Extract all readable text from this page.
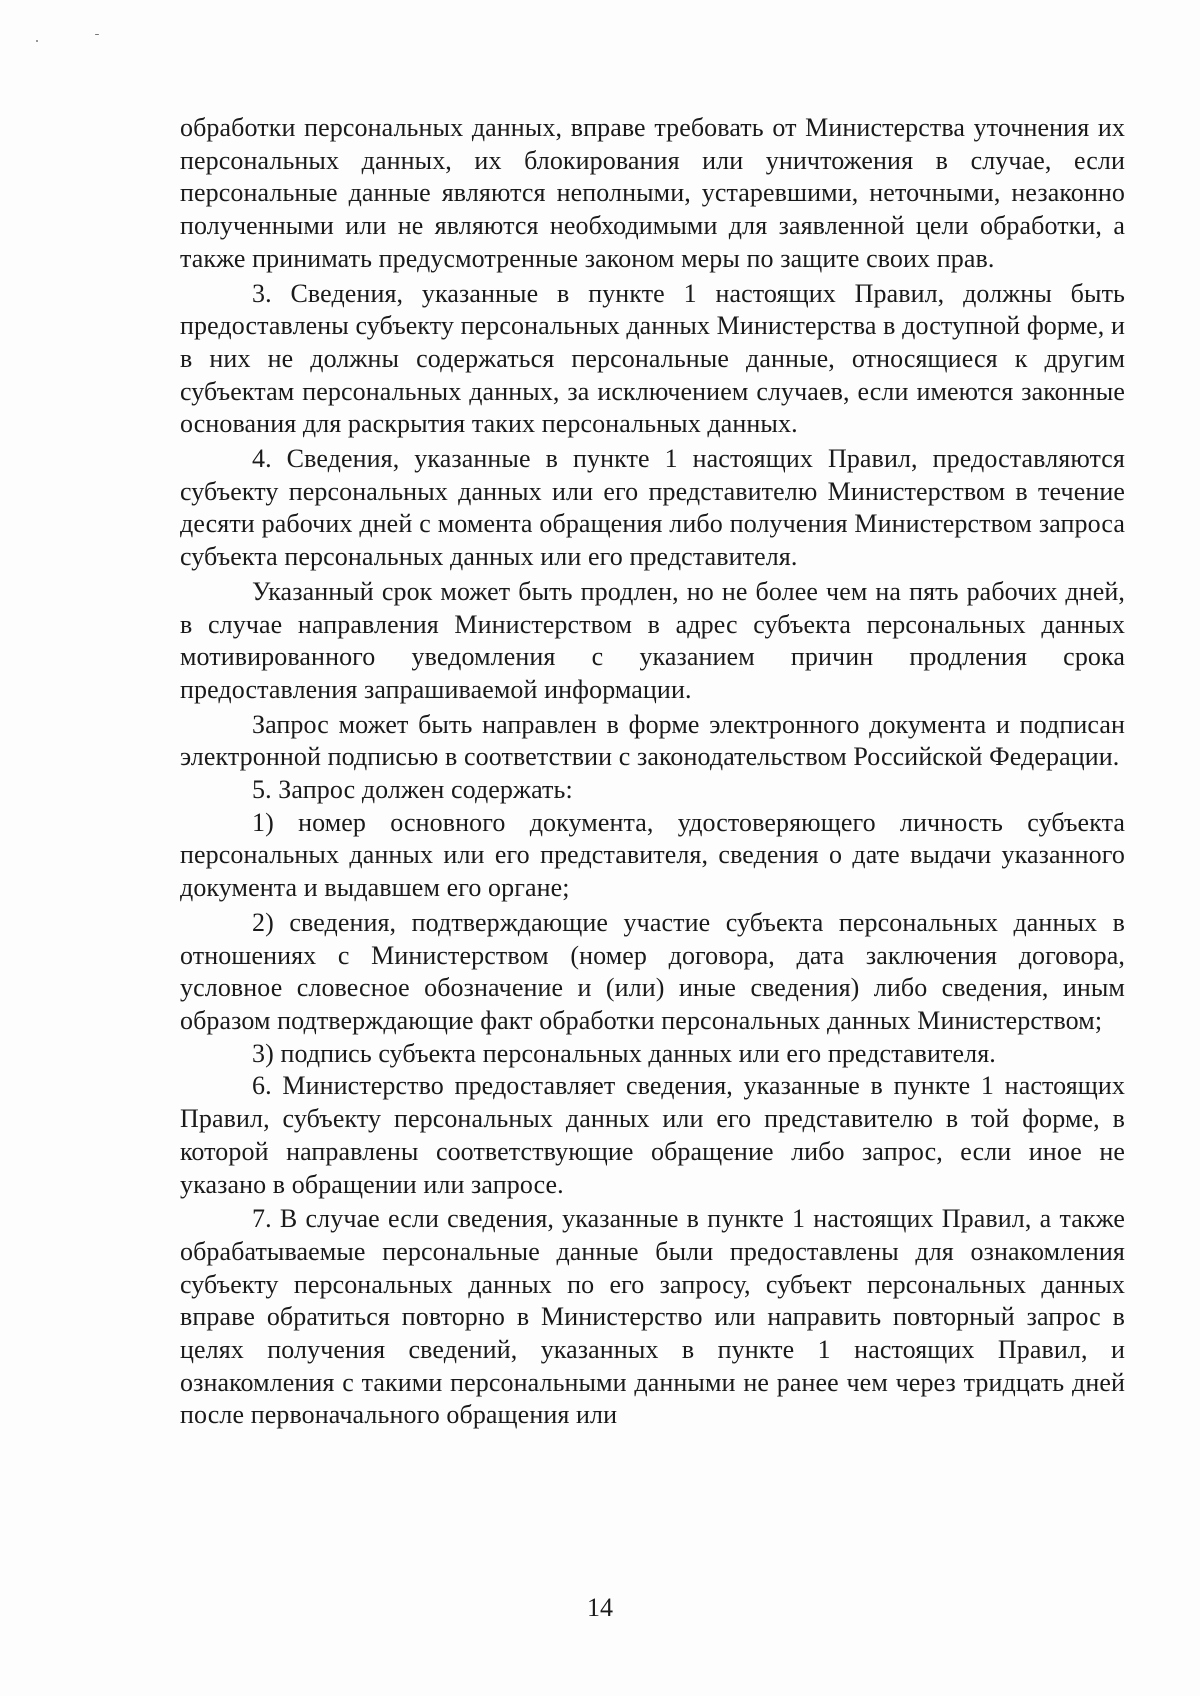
обработки персональных данных, вправе требовать от Министерства уточнения их персональных данных, их блокирования или уничтожения в случае, если персональные данные являются неполными, устаревшими, неточными, незаконно полученными или не являются необходимыми для заявленной цели обработки, а также принимать предусмотренные законом меры по защите своих прав.

3. Сведения, указанные в пункте 1 настоящих Правил, должны быть предоставлены субъекту персональных данных Министерства в доступной форме, и в них не должны содержаться персональные данные, относящиеся к другим субъектам персональных данных, за исключением случаев, если имеются законные основания для раскрытия таких персональных данных.

4. Сведения, указанные в пункте 1 настоящих Правил, предоставляются субъекту персональных данных или его представителю Министерством в течение десяти рабочих дней с момента обращения либо получения Министерством запроса субъекта персональных данных или его представителя.

Указанный срок может быть продлен, но не более чем на пять рабочих дней, в случае направления Министерством в адрес субъекта персональных данных мотивированного уведомления с указанием причин продления срока предоставления запрашиваемой информации.

Запрос может быть направлен в форме электронного документа и подписан электронной подписью в соответствии с законодательством Российской Федерации.

5. Запрос должен содержать:

1) номер основного документа, удостоверяющего личность субъекта персональных данных или его представителя, сведения о дате выдачи указанного документа и выдавшем его органе;

2) сведения, подтверждающие участие субъекта персональных данных в отношениях с Министерством (номер договора, дата заключения договора, условное словесное обозначение и (или) иные сведения) либо сведения, иным образом подтверждающие факт обработки персональных данных Министерством;

3) подпись субъекта персональных данных или его представителя.

6. Министерство предоставляет сведения, указанные в пункте 1 настоящих Правил, субъекту персональных данных или его представителю в той форме, в которой направлены соответствующие обращение либо запрос, если иное не указано в обращении или запросе.

7. В случае если сведения, указанные в пункте 1 настоящих Правил, а также обрабатываемые персональные данные были предоставлены для ознакомления субъекту персональных данных по его запросу, субъект персональных данных вправе обратиться повторно в Министерство или направить повторный запрос в целях получения сведений, указанных в пункте 1 настоящих Правил, и ознакомления с такими персональными данными не ранее чем через тридцать дней после первоначального обращения или

14
